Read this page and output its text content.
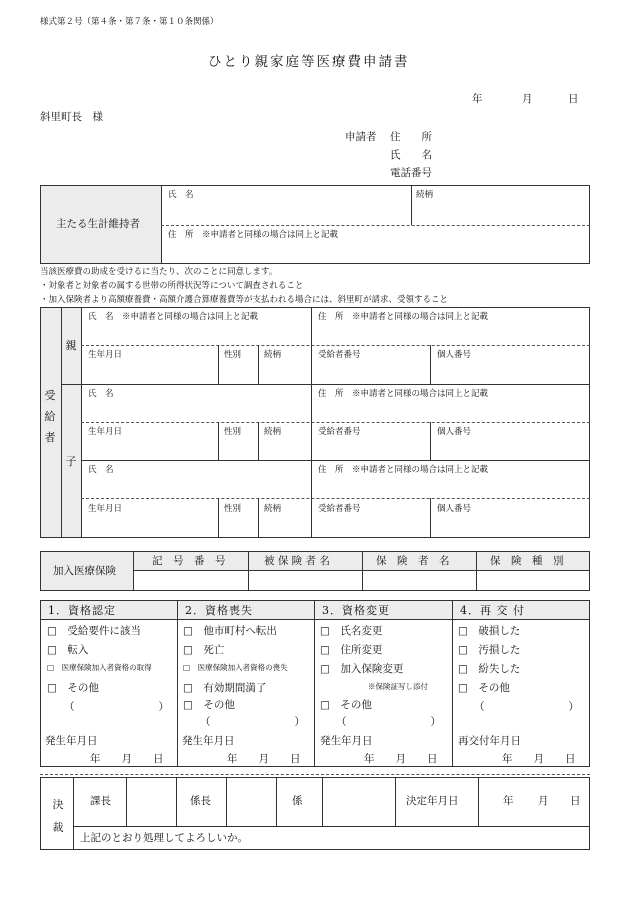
様式第２号（第４条・第７条・第１０条関係）
ひとり親家庭等医療費申請書
年	月	日
斜里町長　様
申請者 住　　所
氏　　名
電話番号
主たる生計維持者
氏　名	続柄
住　所　※申請者と同様の場合は同上と記載
当該医療費の助成を受けるに当たり、次のことに同意します。
・対象者と対象者の属する世帯の所得状況等について調査されること
・加入保険者より高額療養費・高額介護合算療養費等が支払われる場合には、斜里町が請求、受領すること
受給者
親
子
氏　名　※申請者と同様の場合は同上と記載	住　所　※申請者と同様の場合は同上と記載
生年月日	性別	続柄	受給者番号	個人番号
氏　名	住　所　※申請者と同様の場合は同上と記載
生年月日	性別	続柄	受給者番号	個人番号
氏　名	住　所　※申請者と同様の場合は同上と記載
生年月日	性別	続柄	受給者番号	個人番号
加入医療保険
記　号　番　号	被 保 険 者 名	保　険　者　名	保　険　種　別
1．資格認定
□　受給要件に該当
□　転入
□　医療保険加入者資格の取得
□　その他
（　　　　　　　　）
発生年月日
年　　月　　日
2．資格喪失
□　他市町村へ転出
□　死亡
□　医療保険加入者資格の喪失
□　有効期間満了
□　その他
（　　　　　　　　）
発生年月日
年　　月　　日
3．資格変更
□　氏名変更
□　住所変更
□　加入保険変更
※保険証写し添付
□　その他
（　　　　　　　　）
発生年月日
年　　月　　日
4．再 交 付
□　破損した
□　汚損した
□　紛失した
□　その他
（　　　　　　　　）
再交付年月日
年　　月　　日
決裁
課長	係長	係	決定年月日	年 月 日
上記のとおり処理してよろしいか。
